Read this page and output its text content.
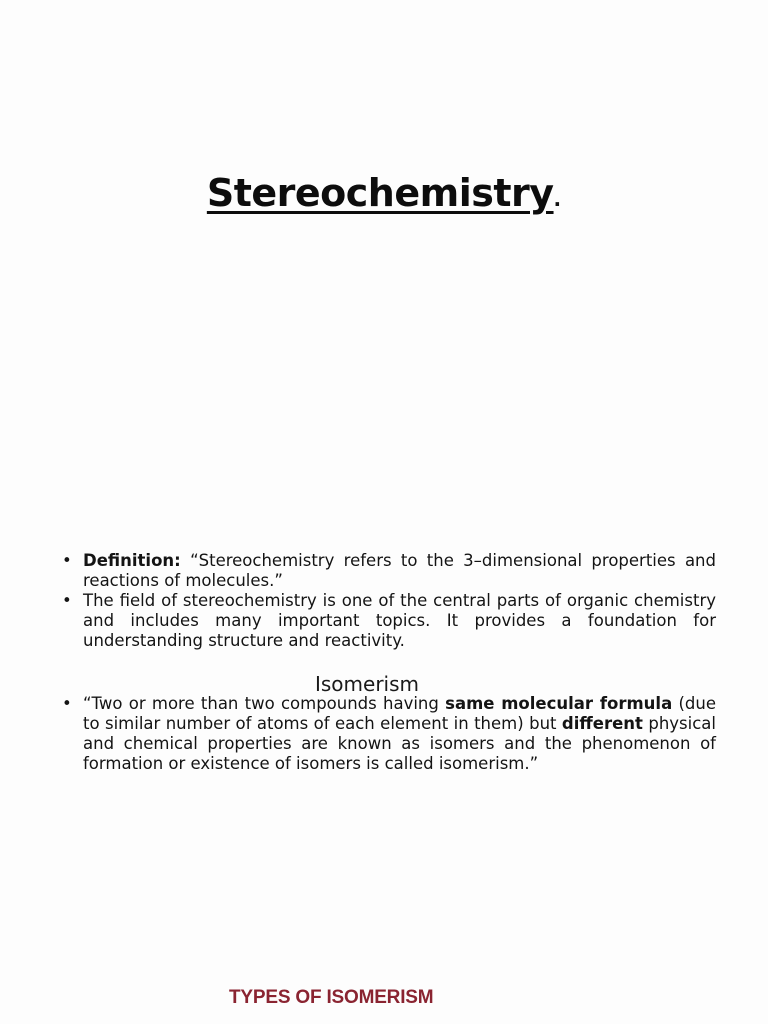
Stereochemistry.
• Definition: “Stereochemistry refers to the 3–dimensional properties and reactions of molecules.”
• The field of stereochemistry is one of the central parts of organic chemistry and includes many important topics. It provides a foundation for understanding structure and reactivity.
Isomerism
• “Two or more than two compounds having same molecular formula (due to similar number of atoms of each element in them) but different physical and chemical properties are known as isomers and the phenomenon of formation or existence of isomers is called isomerism.”
TYPES OF ISOMERISM
